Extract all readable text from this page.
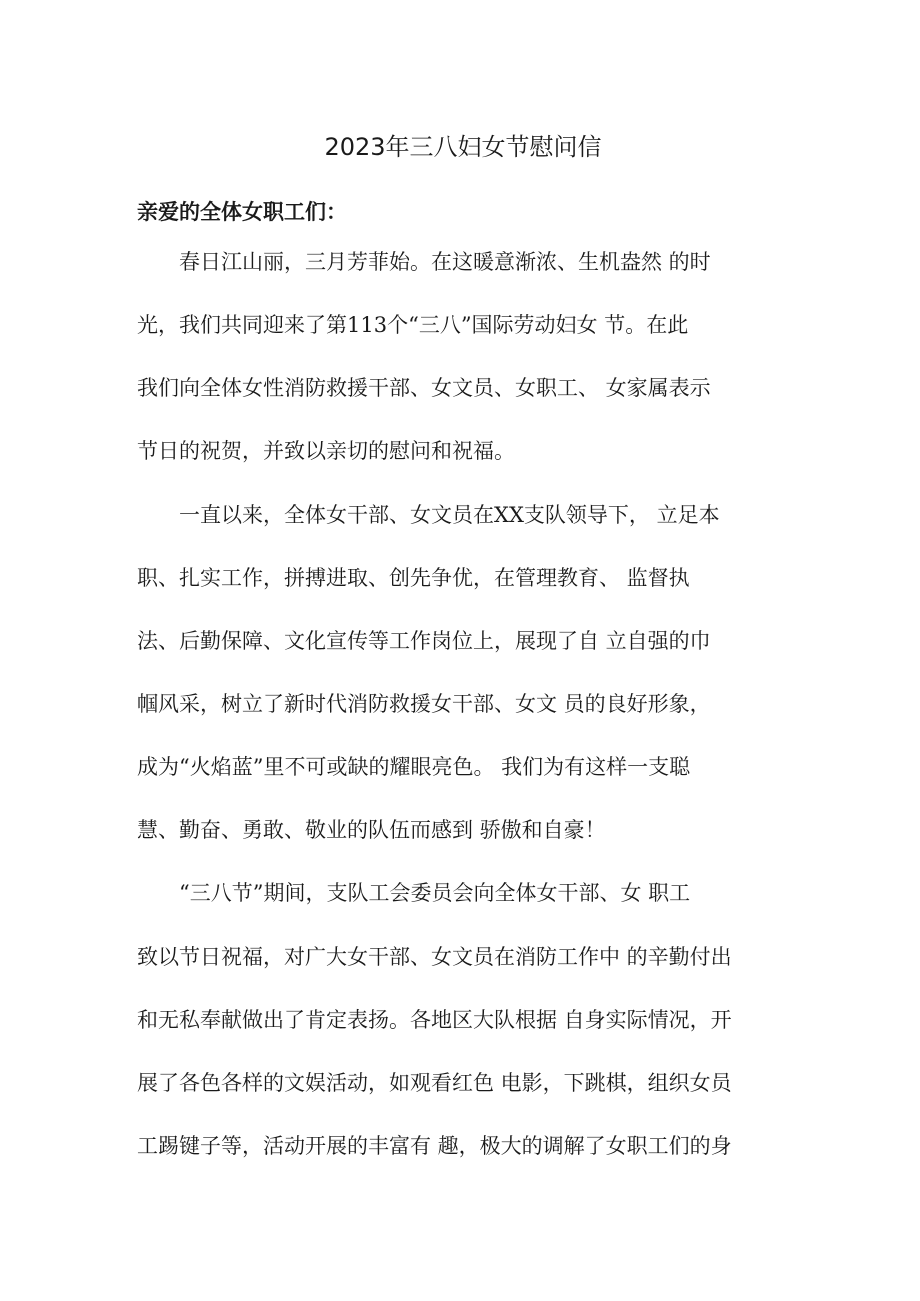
2023年三八妇女节慰问信
亲爱的全体女职工们：
　　春日江山丽，三月芳菲始。在这暖意渐浓、生机盎然 的时
光，我们共同迎来了第113个“三八”国际劳动妇女 节。在此
我们向全体女性消防救援干部、女文员、女职工、 女家属表示
节日的祝贺，并致以亲切的慰问和祝福。
　　一直以来，全体女干部、女文员在XX支队领导下， 立足本
职、扎实工作，拼搏进取、创先争优，在管理教育、 监督执
法、后勤保障、文化宣传等工作岗位上，展现了自 立自强的巾
帼风采，树立了新时代消防救援女干部、女文 员的良好形象，
成为“火焰蓝”里不可或缺的耀眼亮色。 我们为有这样一支聪
慧、勤奋、勇敢、敬业的队伍而感到 骄傲和自豪！
　　“三八节”期间，支队工会委员会向全体女干部、女 职工
致以节日祝福，对广大女干部、女文员在消防工作中 的辛勤付出
和无私奉献做出了肯定表扬。各地区大队根据 自身实际情况，开
展了各色各样的文娱活动，如观看红色 电影，下跳棋，组织女员
工踢键子等，活动开展的丰富有 趣，极大的调解了女职工们的身
